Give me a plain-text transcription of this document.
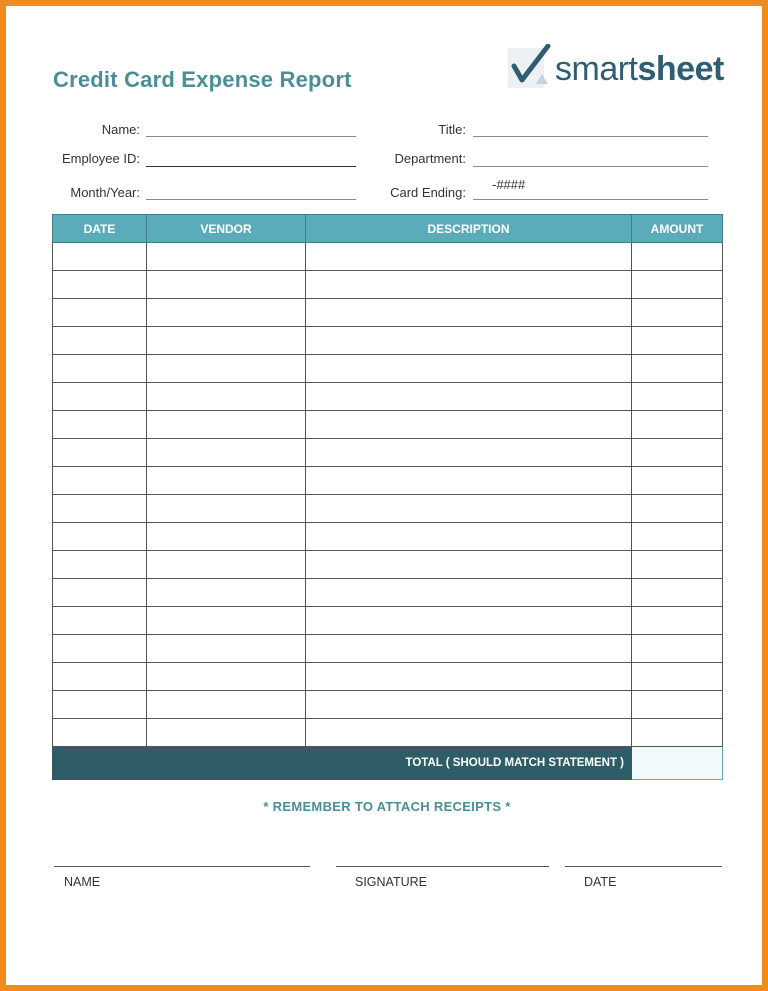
Credit Card Expense Report	smartsheet
Name:
Employee ID:
Month/Year:
Title:
Department:
Card Ending:
-####
DATE	VENDOR	DESCRIPTION	AMOUNT

TOTAL ( SHOULD MATCH STATEMENT )			
* REMEMBER TO ATTACH RECEIPTS *
NAME	SIGNATURE	DATE
